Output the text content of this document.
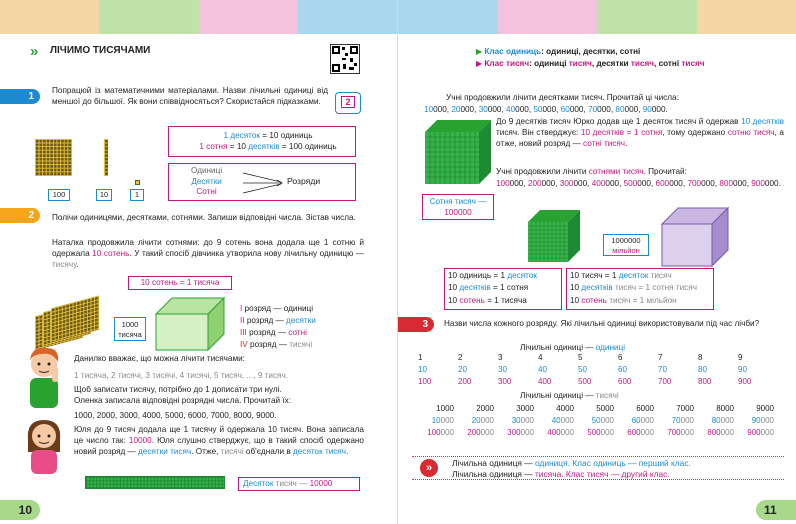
» ЛІЧИМО ТИСЯЧАМИ
1
Попрацюй із математичними матеріалами. Назви лічильні одиниці від меншої до більшої. Як вони співвідносяться? Скористайся підказками.	2
100	10	1
1 десяток = 10 одиниць
1 сотня = 10 десятків = 100 одиниць
Одиниці
Десятки
Сотні
Розряди
2	Полічи одиницями, десятками, сотнями. Запиши відповідні числа. Зістав числа.
Наталка продовжила лічити сотнями: до 9 сотень вона додала ще 1 сотню й одержала 10 сотень. У такий спосіб дівчинка утворила нову лічильну одиницю — тисячу.
10 сотень = 1 тисяча
1000 тисяча
I розряд — одиниці
II розряд — десятки
III розряд — сотні
IV розряд — тисячі
Данилко вважає, що можна лічити тисячами:
1 тисяча, 2 тисячі, 3 тисячі, 4 тисячі, 5 тисяч, ..., 9 тисяч.
Щоб записати тисячу, потрібно до 1 дописати три нулі.
Оленка записала відповідні розрядні числа. Прочитай їх:
1000, 2000, 3000, 4000, 5000, 6000, 7000, 8000, 9000.
Юля до 9 тисяч додала ще 1 тисячу й одержала 10 тисяч. Вона записала це число так: 10000. Юля слушно стверджує, що в такий спосіб одержано новий розряд — десятки тисяч. Отже, тисячі об'єднали в десяток тисяч.
Десяток тисяч — 10000
10
▶ Клас одиниць: одиниці, десятки, сотні
▶ Клас тисяч: одиниці тисяч, десятки тисяч, сотні тисяч
Учні продовжили лічити десятками тисяч. Прочитай ці числа:
10000, 20000, 30000, 40000, 50000, 60000, 70000, 80000, 90000.
Сотня тисяч —
100000
До 9 десятків тисяч Юрко додав ще 1 десяток тисяч й одержав 10 десятків тисяч. Він стверджує: 10 десятків = 1 сотня, тому одержано сотню тисяч, а отже, новий розряд — сотні тисяч.
Учні продовжили лічити сотнями тисяч. Прочитай:
100000, 200000, 300000, 400000, 500000, 600000, 700000, 800000, 900000.
1000000
мільйон
10 одиниць = 1 десяток
10 десятків = 1 сотня
10 сотень = 1 тисяча
10 тисяч = 1 десяток тисяч
10 десятків тисяч = 1 сотня тисяч
10 сотень тисяч = 1 мільйон
3	Назви числа кожного розряду. Які лічильні одиниці використовували під час лічби?
Лічильні одиниці — одиниці
1	2	3	4	5	6	7	8	9
10	20	30	40	50	60	70	80	90
100	200	300	400	500	600	700	800	900
Лічильні одиниці — тисячі
1000	2000	3000	4000	5000	6000	7000	8000	9000
10000	20000	30000	40000	50000	60000	70000	80000	90000
100000	200000	300000	400000	500000	600000	700000	800000	900000
»	Лічильна одиниця — одиниця. Клас одиниць — перший клас.
Лічильна одиниця — тисяча. Клас тисяч — другий клас.
11
